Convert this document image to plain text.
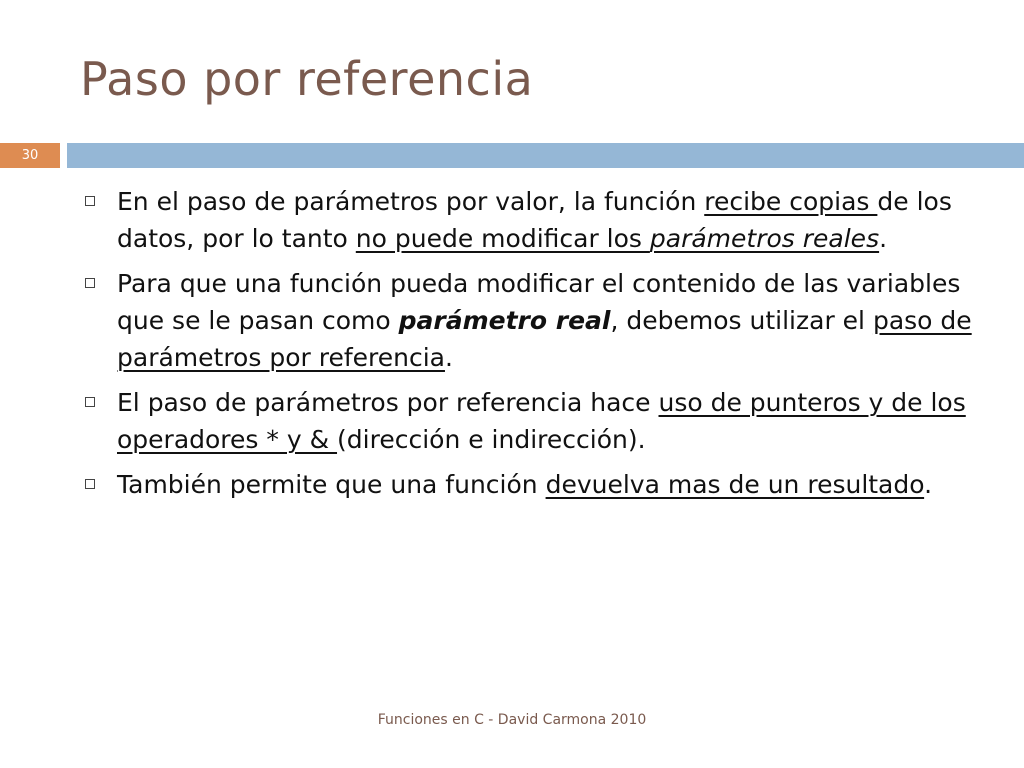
Paso por referencia
30
En el paso de parámetros por valor, la función recibe copias de los datos, por lo tanto no puede modificar los parámetros reales.
Para que una función pueda modificar el contenido de las variables que se le pasan como parámetro real, debemos utilizar el paso de parámetros por referencia.
El paso de parámetros por referencia hace uso de punteros y de los operadores * y & (dirección e indirección).
También permite que una función devuelva mas de un resultado.
Funciones en C - David Carmona 2010
